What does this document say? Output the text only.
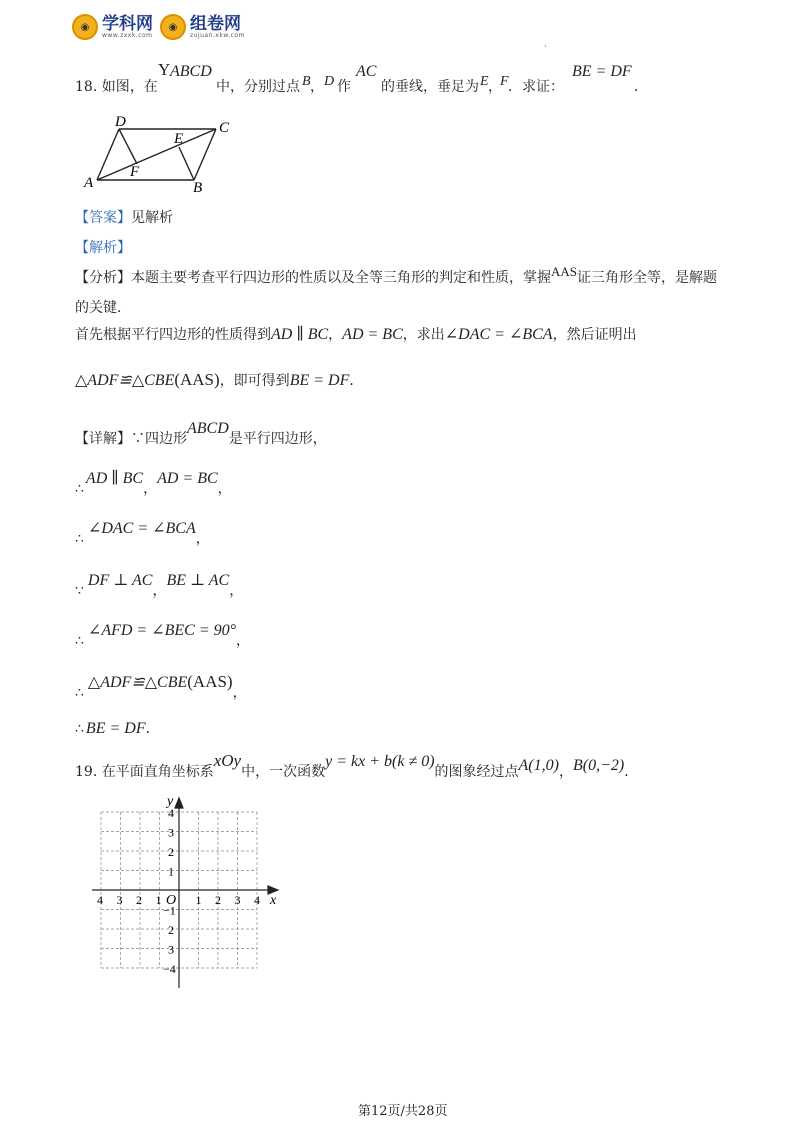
◉ 学科网
www.zxxk.com
◉ 组卷网
zujuan.xkw.com
·
18. 如图，在
Y ABCD
中，分别过点 B ， D 作
AC
的垂线，垂足为 E ，
F ．求证：
BE = DF
．
D	C
E
F
A	B
【答案】见解析
【解析】
【分析】本题主要考查平行四边形的性质以及全等三角形的判定和性质，掌握AAS证三角形全等，是解题
的关键．
首先根据平行四边形的性质得到AD ∥ BC，AD = BC，求出∠DAC = ∠BCA，然后证明出
△ADF≌△CBE(AAS)，即可得到BE = DF．
【详解】∵四边形ABCD是平行四边形，
∴AD ∥ BC，AD = BC，
∴∠DAC = ∠BCA，
∵DF ⊥ AC，BE ⊥ AC，
∴∠AFD = ∠BEC = 90°，
∴△ADF≌△CBE(AAS)，
∴ BE = DF．
19. 在平面直角坐标系xOy中，一次函数y = kx + b(k ≠ 0)的图象经过点A(1,0)，B(0,−2)．
x
y
O
4 3 2 1	1 2 3 4
4
3
2
1
−1
2
3
−4
第12页/共28页
